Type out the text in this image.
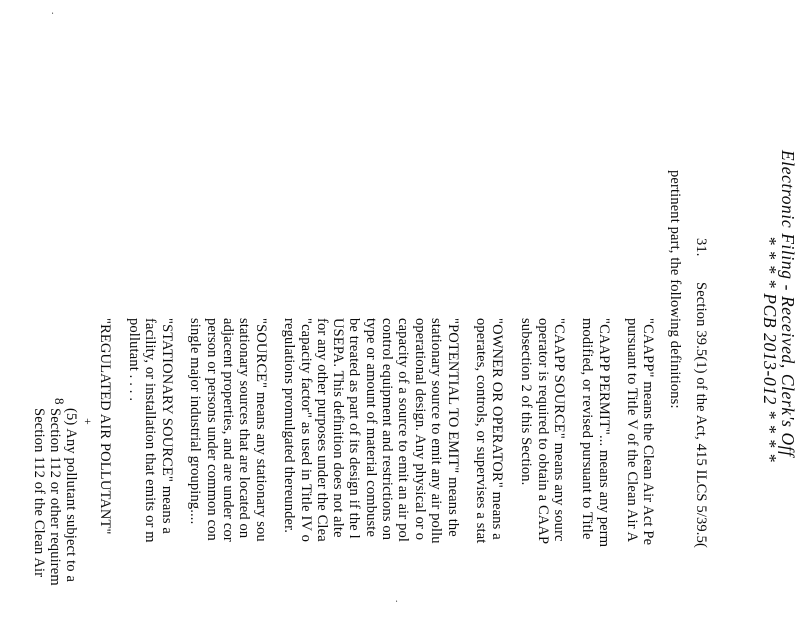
Electronic Filing - Received, Clerk's Off
* * * * PCB 2013-012 * * * *
31.
Section 39.5(1) of the Act, 415 ILCS 5/39.5(
pertinent part, the following definitions:
"CAAPP" means the Clean Air Act Pe
pursuant to Title V of the Clean Air A
"CAAPP PERMIT"... means any perm
modified, or revised pursuant to Title
"CAAPP SOURCE" means any sourc
operator is required to obtain a CAAP
subsection 2 of this Section.
"OWNER OR OPERATOR" means a
operates, controls, or supervises a stat
"POTENTIAL TO EMIT" means the
stationary source to emit any air pollu
operational design. Any physical or o
capacity of a source to emit an air pol
control equipment and restrictions on
type or amount of material combuste
be treated as part of its design if the l
USEPA. This definition does not alte
for any other purposes under the Clea
"capacity factor" as used in Title IV o
regulations promulgated thereunder.
"SOURCE" means any stationary sou
stationary sources that are located on
adjacent properties, and are under cor
person or persons under common con
single major industrial grouping....
"STATIONARY SOURCE" means a
facility, or installation that emits or m
pollutant . . . .
"REGULATED AIR POLLUTANT"
+
(5) Any pollutant subject to a
Section 112 or other requirem
Section 112 of the Clean Air
8
.
.
